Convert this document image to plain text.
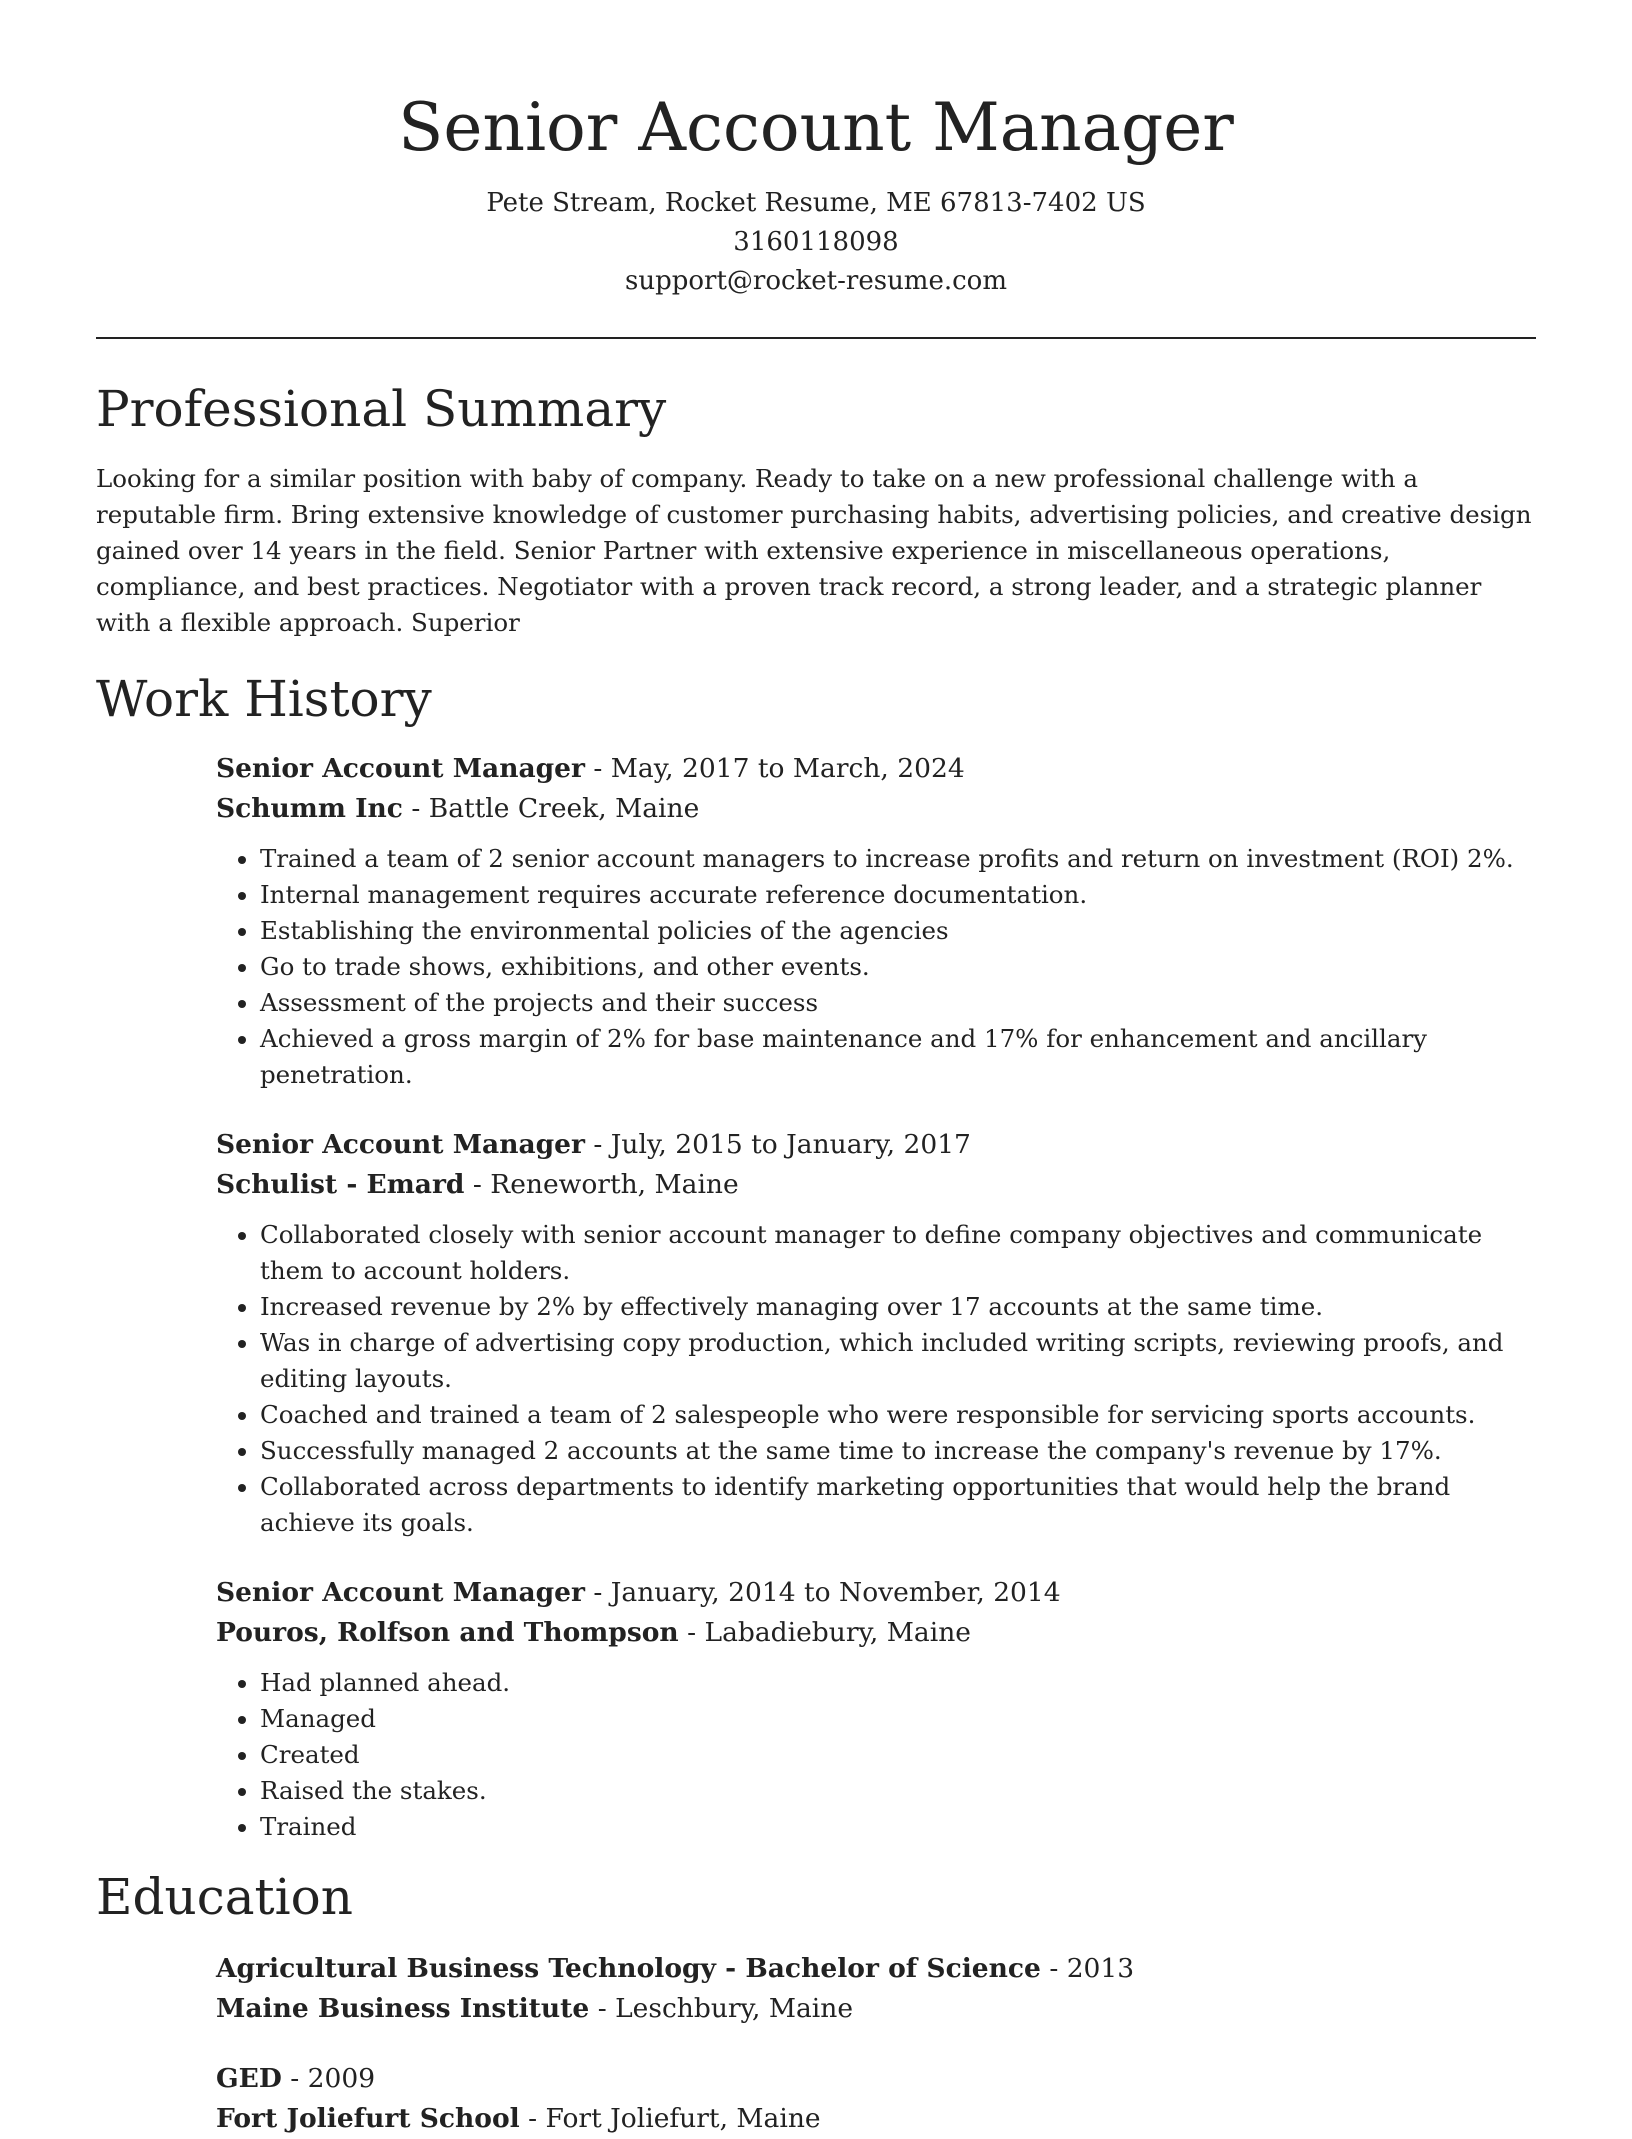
Senior Account Manager
Pete Stream, Rocket Resume, ME 67813-7402 US
3160118098
support@rocket-resume.com
Professional Summary

Looking for a similar position with baby of company. Ready to take on a new professional challenge with a reputable firm. Bring extensive knowledge of customer purchasing habits, advertising policies, and creative design gained over 14 years in the field. Senior Partner with extensive experience in miscellaneous operations, compliance, and best practices. Negotiator with a proven track record, a strong leader, and a strategic planner with a flexible approach. Superior

Work History
Senior Account Manager - May, 2017 to March, 2024
Schumm Inc - Battle Creek, Maine
• Trained a team of 2 senior account managers to increase profits and return on investment (ROI) 2%.
• Internal management requires accurate reference documentation.
• Establishing the environmental policies of the agencies
• Go to trade shows, exhibitions, and other events.
• Assessment of the projects and their success
• Achieved a gross margin of 2% for base maintenance and 17% for enhancement and ancillary penetration.
Senior Account Manager - July, 2015 to January, 2017
Schulist - Emard - Reneworth, Maine
• Collaborated closely with senior account manager to define company objectives and communicate them to account holders.
• Increased revenue by 2% by effectively managing over 17 accounts at the same time.
• Was in charge of advertising copy production, which included writing scripts, reviewing proofs, and editing layouts.
• Coached and trained a team of 2 salespeople who were responsible for servicing sports accounts.
• Successfully managed 2 accounts at the same time to increase the company's revenue by 17%.
• Collaborated across departments to identify marketing opportunities that would help the brand achieve its goals.
Senior Account Manager - January, 2014 to November, 2014
Pouros, Rolfson and Thompson - Labadiebury, Maine
• Had planned ahead.
• Managed
• Created
• Raised the stakes.
• Trained
Education
Agricultural Business Technology - Bachelor of Science - 2013
Maine Business Institute - Leschbury, Maine
GED - 2009
Fort Joliefurt School - Fort Joliefurt, Maine
